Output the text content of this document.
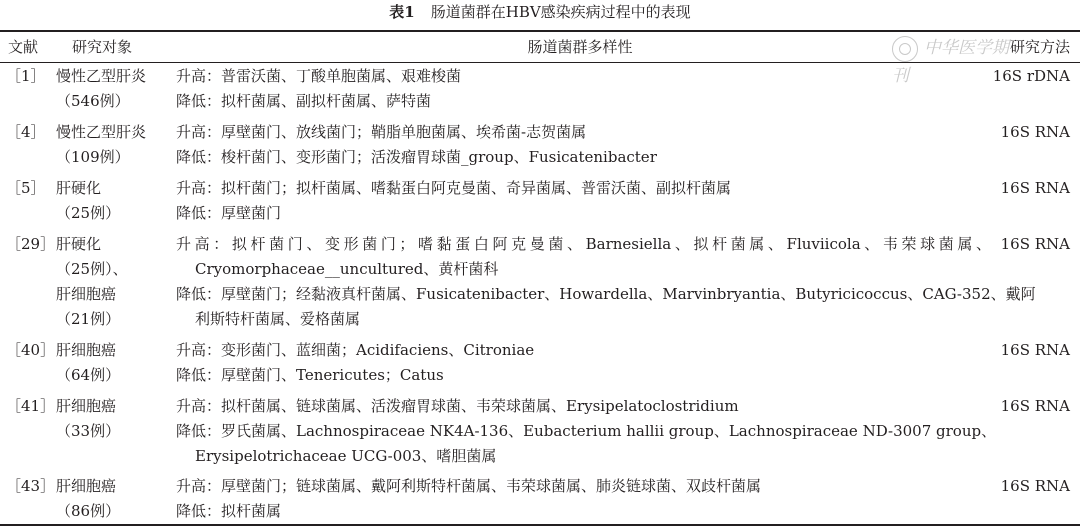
表1 肠道菌群在HBV感染疾病过程中的表现
文献 研究对象	肠道菌群多样性	中华医学期刊
研究方法
［1］ 慢性乙型肝炎
（546例）
升高：普雷沃菌、丁酸单胞菌属、艰难梭菌
降低：拟杆菌属、副拟杆菌属、萨特菌
16S rDNA
［4］ 慢性乙型肝炎
（109例）
升高：厚壁菌门、放线菌门；鞘脂单胞菌属、埃希菌-志贺菌属
降低：梭杆菌门、变形菌门；活泼瘤胃球菌_group、Fusicatenibacter
16S RNA
［5］ 肝硬化
（25例）
升高：拟杆菌门；拟杆菌属、嗜黏蛋白阿克曼菌、奇异菌属、普雷沃菌、副拟杆菌属
降低：厚壁菌门
16S RNA
［29］ 肝硬化
（25例）、
肝细胞癌
（21例）
升高：拟杆菌门、变形菌门；嗜黏蛋白阿克曼菌、Barnesiella、拟杆菌属、Fluviicola、韦荣球菌属、
Cryomorphaceae__uncultured、黄杆菌科
降低：厚壁菌门；经黏液真杆菌属、Fusicatenibacter、Howardella、Marvinbryantia、Butyricicoccus、CAG-352、戴阿
利斯特杆菌属、爱格菌属
16S RNA
［40］ 肝细胞癌
（64例）
升高：变形菌门、蓝细菌；Acidifaciens、Citroniae
降低：厚壁菌门、Tenericutes；Catus
16S RNA
［41］ 肝细胞癌
（33例）
升高：拟杆菌属、链球菌属、活泼瘤胃球菌、韦荣球菌属、Erysipelatoclostridium
降低：罗氏菌属、Lachnospiraceae NK4A-136、Eubacterium hallii group、Lachnospiraceae ND-3007 group、
Erysipelotrichaceae UCG-003、嗜胆菌属
16S RNA
［43］ 肝细胞癌
（86例）
升高：厚壁菌门；链球菌属、戴阿利斯特杆菌属、韦荣球菌属、肺炎链球菌、双歧杆菌属
降低：拟杆菌属
16S RNA
